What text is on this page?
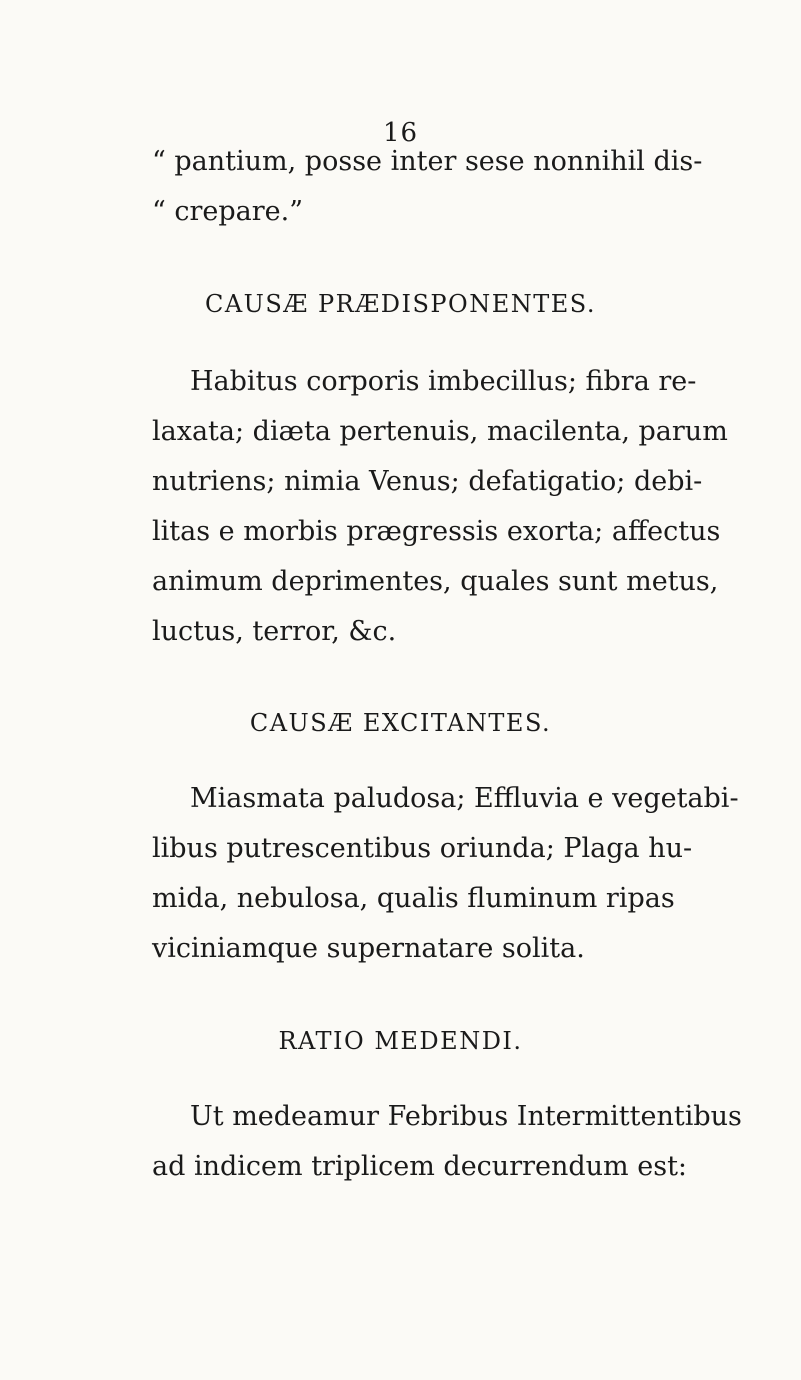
16
“ pantium, posse inter sese nonnihil dis-
“ crepare.”
CAUSÆ PRÆDISPONENTES.
Habitus corporis imbecillus; fibra re-
laxata; diæta pertenuis, macilenta, parum
nutriens; nimia Venus; defatigatio; debi-
litas e morbis prægressis exorta; affectus
animum deprimentes, quales sunt metus,
luctus, terror, &c.
CAUSÆ EXCITANTES.
Miasmata paludosa; Effluvia e vegetabi-
libus putrescentibus oriunda; Plaga hu-
mida, nebulosa, qualis fluminum ripas
viciniamque supernatare solita.
RATIO MEDENDI.
Ut medeamur Febribus Intermittentibus
ad indicem triplicem decurrendum est:
